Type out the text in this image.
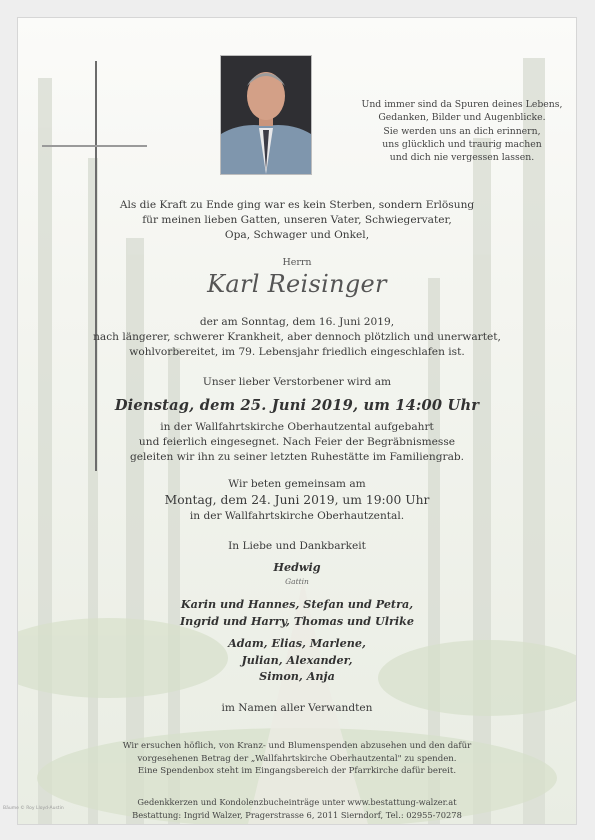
Und immer sind da Spuren deines Lebens,
Gedanken, Bilder und Augenblicke.
Sie werden uns an dich erinnern,
uns glücklich und traurig machen
und dich nie vergessen lassen.
Als die Kraft zu Ende ging war es kein Sterben, sondern Erlösung
für meinen lieben Gatten, unseren Vater, Schwiegervater,
Opa, Schwager und Onkel,
Herrn
Karl Reisinger
der am Sonntag, dem 16. Juni 2019,
nach längerer, schwerer Krankheit, aber dennoch plötzlich und unerwartet,
wohlvorbereitet, im 79. Lebensjahr friedlich eingeschlafen ist.
Unser lieber Verstorbener wird am
Dienstag, dem 25. Juni 2019, um 14:00 Uhr
in der Wallfahrtskirche Oberhautzental aufgebahrt
und feierlich eingesegnet. Nach Feier der Begräbnismesse
geleiten wir ihn zu seiner letzten Ruhestätte im Familiengrab.
Wir beten gemeinsam am
Montag, dem 24. Juni 2019, um 19:00 Uhr
in der Wallfahrtskirche Oberhautzental.
In Liebe und Dankbarkeit
Hedwig
Gattin
Karin und Hannes, Stefan und Petra,
Ingrid und Harry, Thomas und Ulrike
Adam, Elias, Marlene,
Julian, Alexander,
Simon, Anja
im Namen aller Verwandten
Wir ersuchen höflich, von Kranz- und Blumenspenden abzusehen und den dafür
vorgesehenen Betrag der „Wallfahrtskirche Oberhautzental" zu spenden.
Eine Spendenbox steht im Eingangsbereich der Pfarrkirche dafür bereit.
Gedenkkerzen und Kondolenzbucheinträge unter www.bestattung-walzer.at
Bestattung: Ingrid Walzer, Pragerstrasse 6, 2011 Sierndorf, Tel.: 02955-70278
Bäume © Roy Lloyd-Austin
